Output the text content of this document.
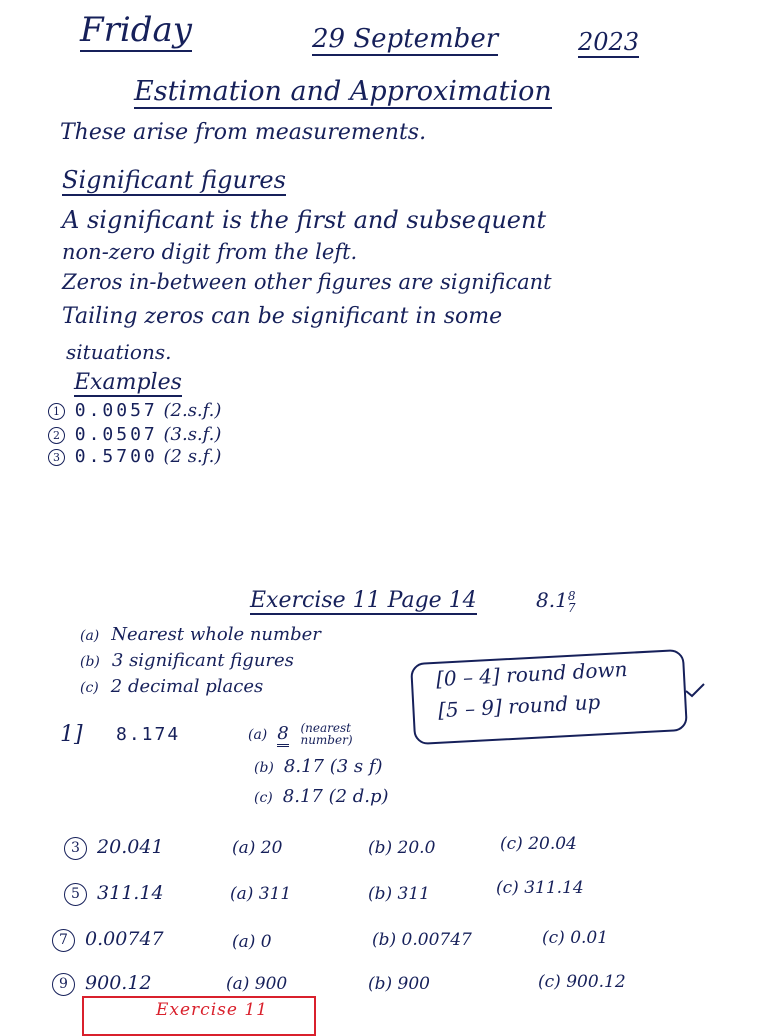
Friday	29 September	2023
Estimation and Approximation
These arise from measurements.
Significant figures
A significant is the first and subsequent
non-zero digit from the left.
Zeros in-between other figures are significant
Tailing zeros can be significant in some
situations.
Examples
1 0.0057 (2.s.f.)
2 0.0507 (3.s.f.)
3 0.5700 (2 s.f.)
Exercise 11 Page 14	8.18
7
(a) Nearest whole number
(b) 3 significant figures
(c) 2 decimal places	[0 – 4] round down
[5 – 9] round up
1] 8.174	(a) 8 (nearest
number)
(b) 8.17 (3 s f)
(c) 8.17 (2 d.p)
3 20.041	(a) 20	(b) 20.0	(c) 20.04
5 311.14	(a) 311	(b) 311	(c) 311.14
7 0.00747	(a) 0	(b) 0.00747	(c) 0.01
9 900.12	(a) 900	(b) 900	(c) 900.12
Exercise 11
